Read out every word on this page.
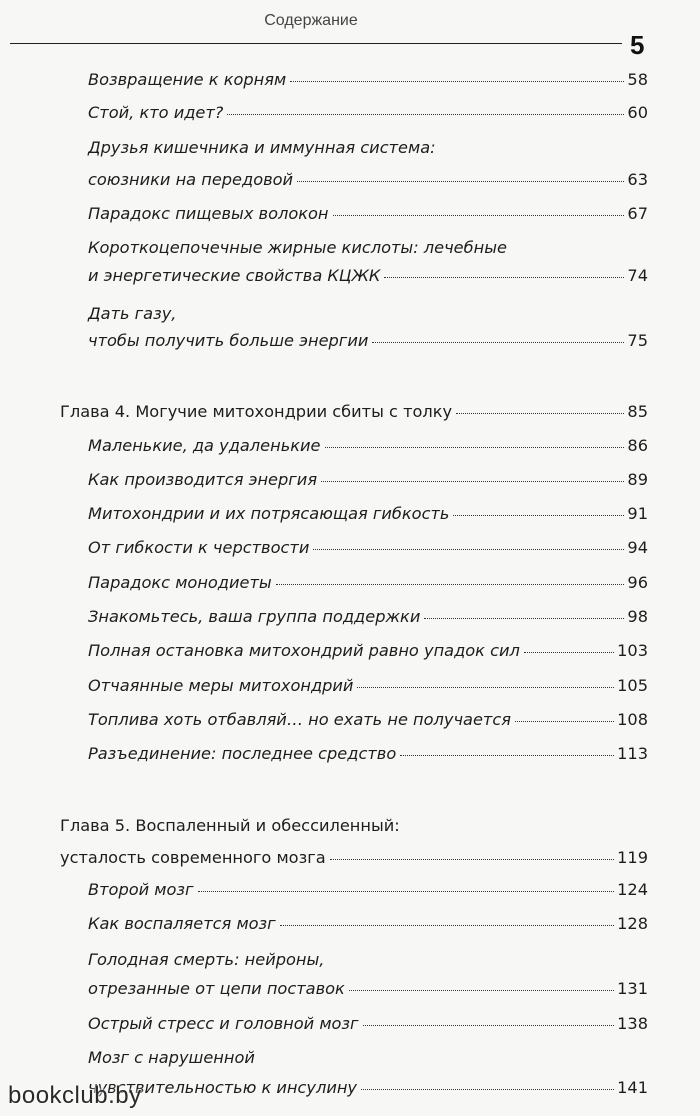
Содержание
5
Возвращение к корням	58
Стой, кто идет?	60
Друзья кишечника и иммунная система:
союзники на передовой	63
Парадокс пищевых волокон	67
Короткоцепочечные жирные кислоты: лечебные
и энергетические свойства КЦЖК	74
Дать газу,
чтобы получить больше энергии	75
Глава 4. Могучие митохондрии сбиты с толку	85
Маленькие, да удаленькие	86
Как производится энергия	89
Митохондрии и их потрясающая гибкость	91
От гибкости к черствости	94
Парадокс монодиеты	96
Знакомьтесь, ваша группа поддержки	98
Полная остановка митохондрий равно упадок сил	103
Отчаянные меры митохондрий	105
Топлива хоть отбавляй… но ехать не получается	108
Разъединение: последнее средство	113
Глава 5. Воспаленный и обессиленный:
усталость современного мозга	119
Второй мозг	124
Как воспаляется мозг	128
Голодная смерть: нейроны,
отрезанные от цепи поставок	131
Острый стресс и головной мозг	138
Мозг с нарушенной
чувствительностью к инсулину	141
bookclub.by
